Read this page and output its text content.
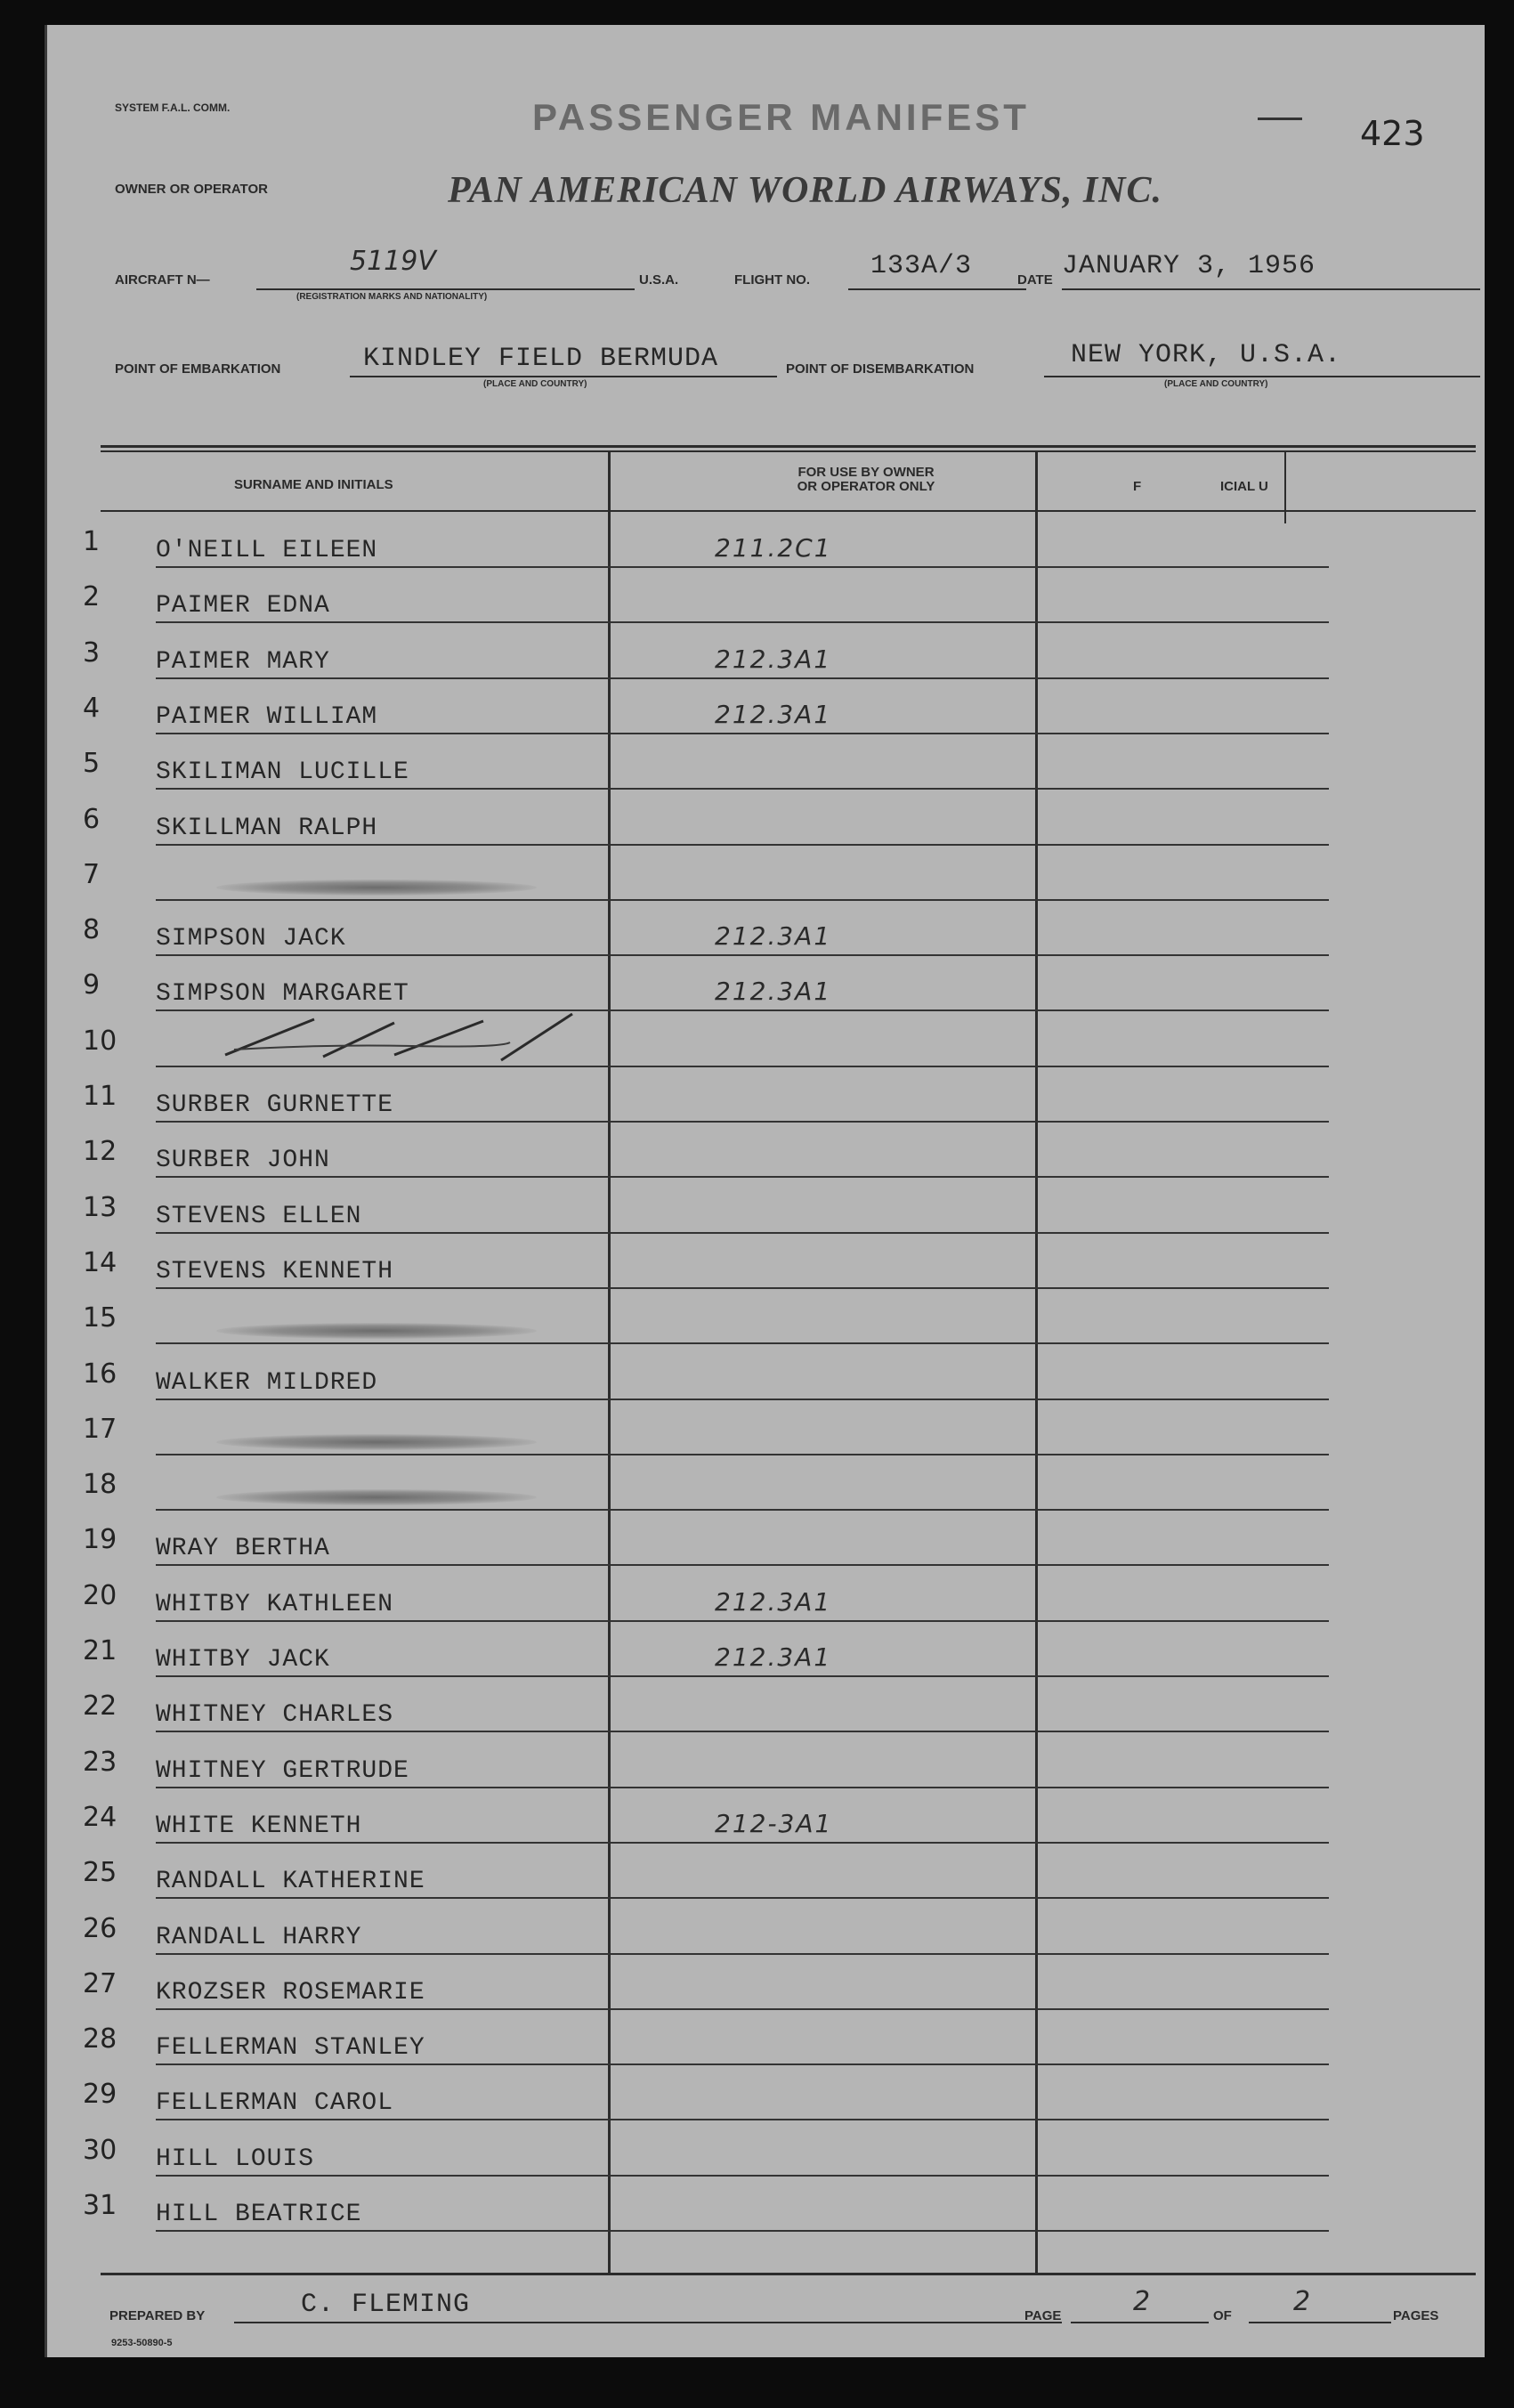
SYSTEM F.A.L. COMM.	PASSENGER MANIFEST	423
OWNER OR OPERATOR	PAN AMERICAN WORLD AIRWAYS, INC.
AIRCRAFT N—
5119V
(REGISTRATION MARKS AND NATIONALITY)
U.S.A.	FLIGHT NO. 133A/3	DATE JANUARY 3, 1956
POINT OF EMBARKATION	KINDLEY FIELD BERMUDA
(PLACE AND COUNTRY)
POINT OF DISEMBARKATION	NEW YORK, U.S.A.
(PLACE AND COUNTRY)
SURNAME AND INITIALS
FOR USE BY OWNER
OR OPERATOR ONLY	F	ICIAL U
1 O'NEILL EILEEN	211.2C1
2 PAIMER EDNA
3 PAIMER MARY	212.3A1
4 PAIMER WILLIAM	212.3A1
5 SKILIMAN LUCILLE
6 SKILLMAN RALPH
7
8 SIMPSON JACK	212.3A1
9 SIMPSON MARGARET	212.3A1
10
11 SURBER GURNETTE
12 SURBER JOHN
13 STEVENS ELLEN
14 STEVENS KENNETH
15
16 WALKER MILDRED
17
18
19 WRAY BERTHA
20 WHITBY KATHLEEN	212.3A1
21 WHITBY JACK	212.3A1
22 WHITNEY CHARLES
23 WHITNEY GERTRUDE
24 WHITE KENNETH	212-3A1
25 RANDALL KATHERINE
26 RANDALL HARRY
27 KROZSER ROSEMARIE
28 FELLERMAN STANLEY
29 FELLERMAN CAROL
30 HILL LOUIS
31 HILL BEATRICE
PREPARED BY	C. FLEMING	PAGE	2	OF 2	PAGES
9253-50890-5
